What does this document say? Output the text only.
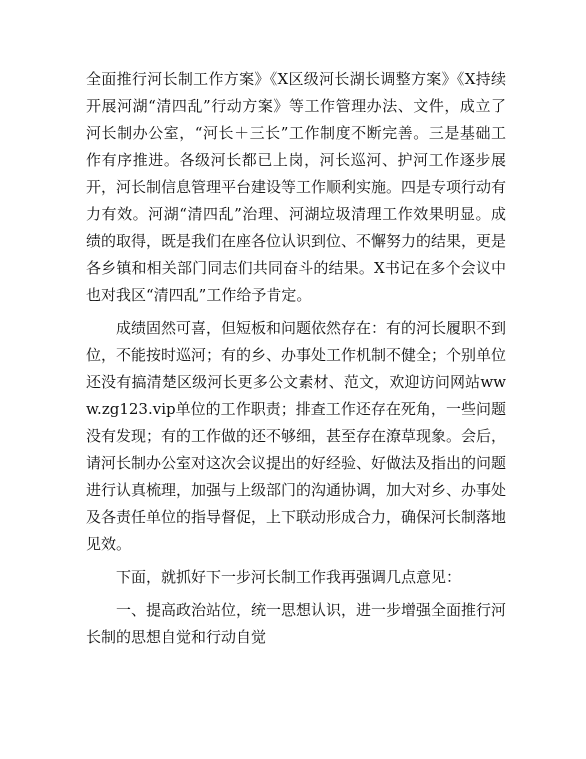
全面推行河长制工作方案》《X区级河长湖长调整方案》《X持续开展河湖“清四乱”行动方案》等工作管理办法、文件，成立了河长制办公室，“河长＋三长”工作制度不断完善。三是基础工作有序推进。各级河长都已上岗，河长巡河、护河工作逐步展开，河长制信息管理平台建设等工作顺利实施。四是专项行动有力有效。河湖“清四乱”治理、河湖垃圾清理工作效果明显。成绩的取得，既是我们在座各位认识到位、不懈努力的结果，更是各乡镇和相关部门同志们共同奋斗的结果。X书记在多个会议中也对我区“清四乱”工作给予肯定。

成绩固然可喜，但短板和问题依然存在：有的河长履职不到位，不能按时巡河；有的乡、办事处工作机制不健全；个别单位还没有搞清楚区级河长更多公文素材、范文，欢迎访问网站www.zg123.vip单位的工作职责；排查工作还存在死角，一些问题没有发现；有的工作做的还不够细，甚至存在潦草现象。会后，请河长制办公室对这次会议提出的好经验、好做法及指出的问题进行认真梳理，加强与上级部门的沟通协调，加大对乡、办事处及各责任单位的指导督促，上下联动形成合力，确保河长制落地见效。

下面，就抓好下一步河长制工作我再强调几点意见：

一、提高政治站位，统一思想认识，进一步增强全面推行河长制的思想自觉和行动自觉
